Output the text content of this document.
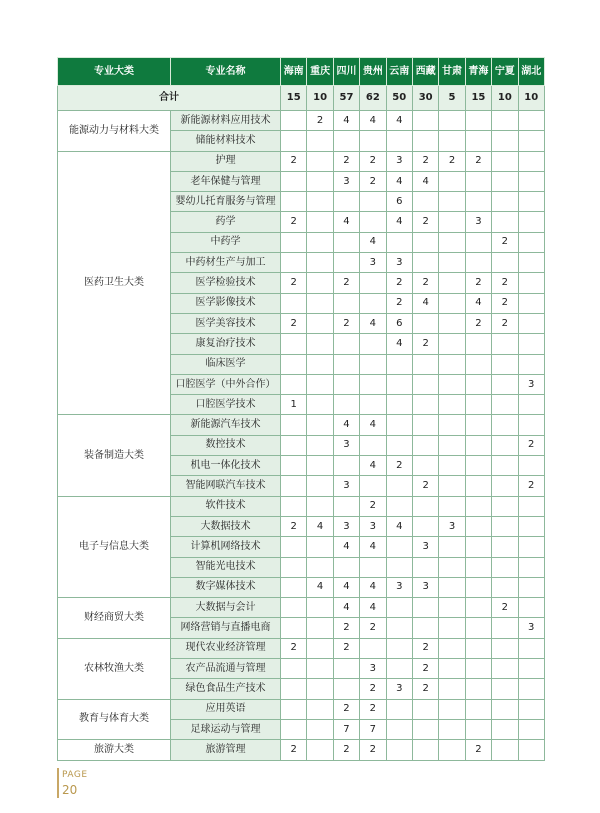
专业大类	专业名称	海南	重庆	四川	贵州	云南	西藏	甘肃	青海	宁夏	湖北
合计		15	10	57	62	50	30	5	15	10	10
能源动力与材料大类	新能源材料应用技术		2	4	4	4					
	储能材料技术										
医药卫生大类	护理	2		2	2	3	2	2	2		
	老年保健与管理			3	2	4	4				
	婴幼儿托育服务与管理					6					
	药学	2		4		4	2		3		
	中药学				4					2	
	中药材生产与加工				3	3					
	医学检验技术	2		2		2	2		2	2	
	医学影像技术					2	4		4	2	
	医学美容技术	2		2	4	6			2	2	
	康复治疗技术					4	2				
	临床医学										
	口腔医学（中外合作）										3
	口腔医学技术	1									
装备制造大类	新能源汽车技术			4	4						
	数控技术			3							2
	机电一体化技术				4	2					
	智能网联汽车技术			3			2				2
电子与信息大类	软件技术				2						
	大数据技术	2	4	3	3	4		3			
	计算机网络技术			4	4		3				
	智能光电技术										
	数字媒体技术		4	4	4	3	3				
财经商贸大类	大数据与会计			4	4					2	
	网络营销与直播电商			2	2						3
农林牧渔大类	现代农业经济管理	2		2			2				
	农产品流通与管理				3		2				
	绿色食品生产技术				2	3	2				
教育与体育大类	应用英语			2	2						
	足球运动与管理			7	7						
旅游大类	旅游管理	2		2	2				2		
PAGE
20
